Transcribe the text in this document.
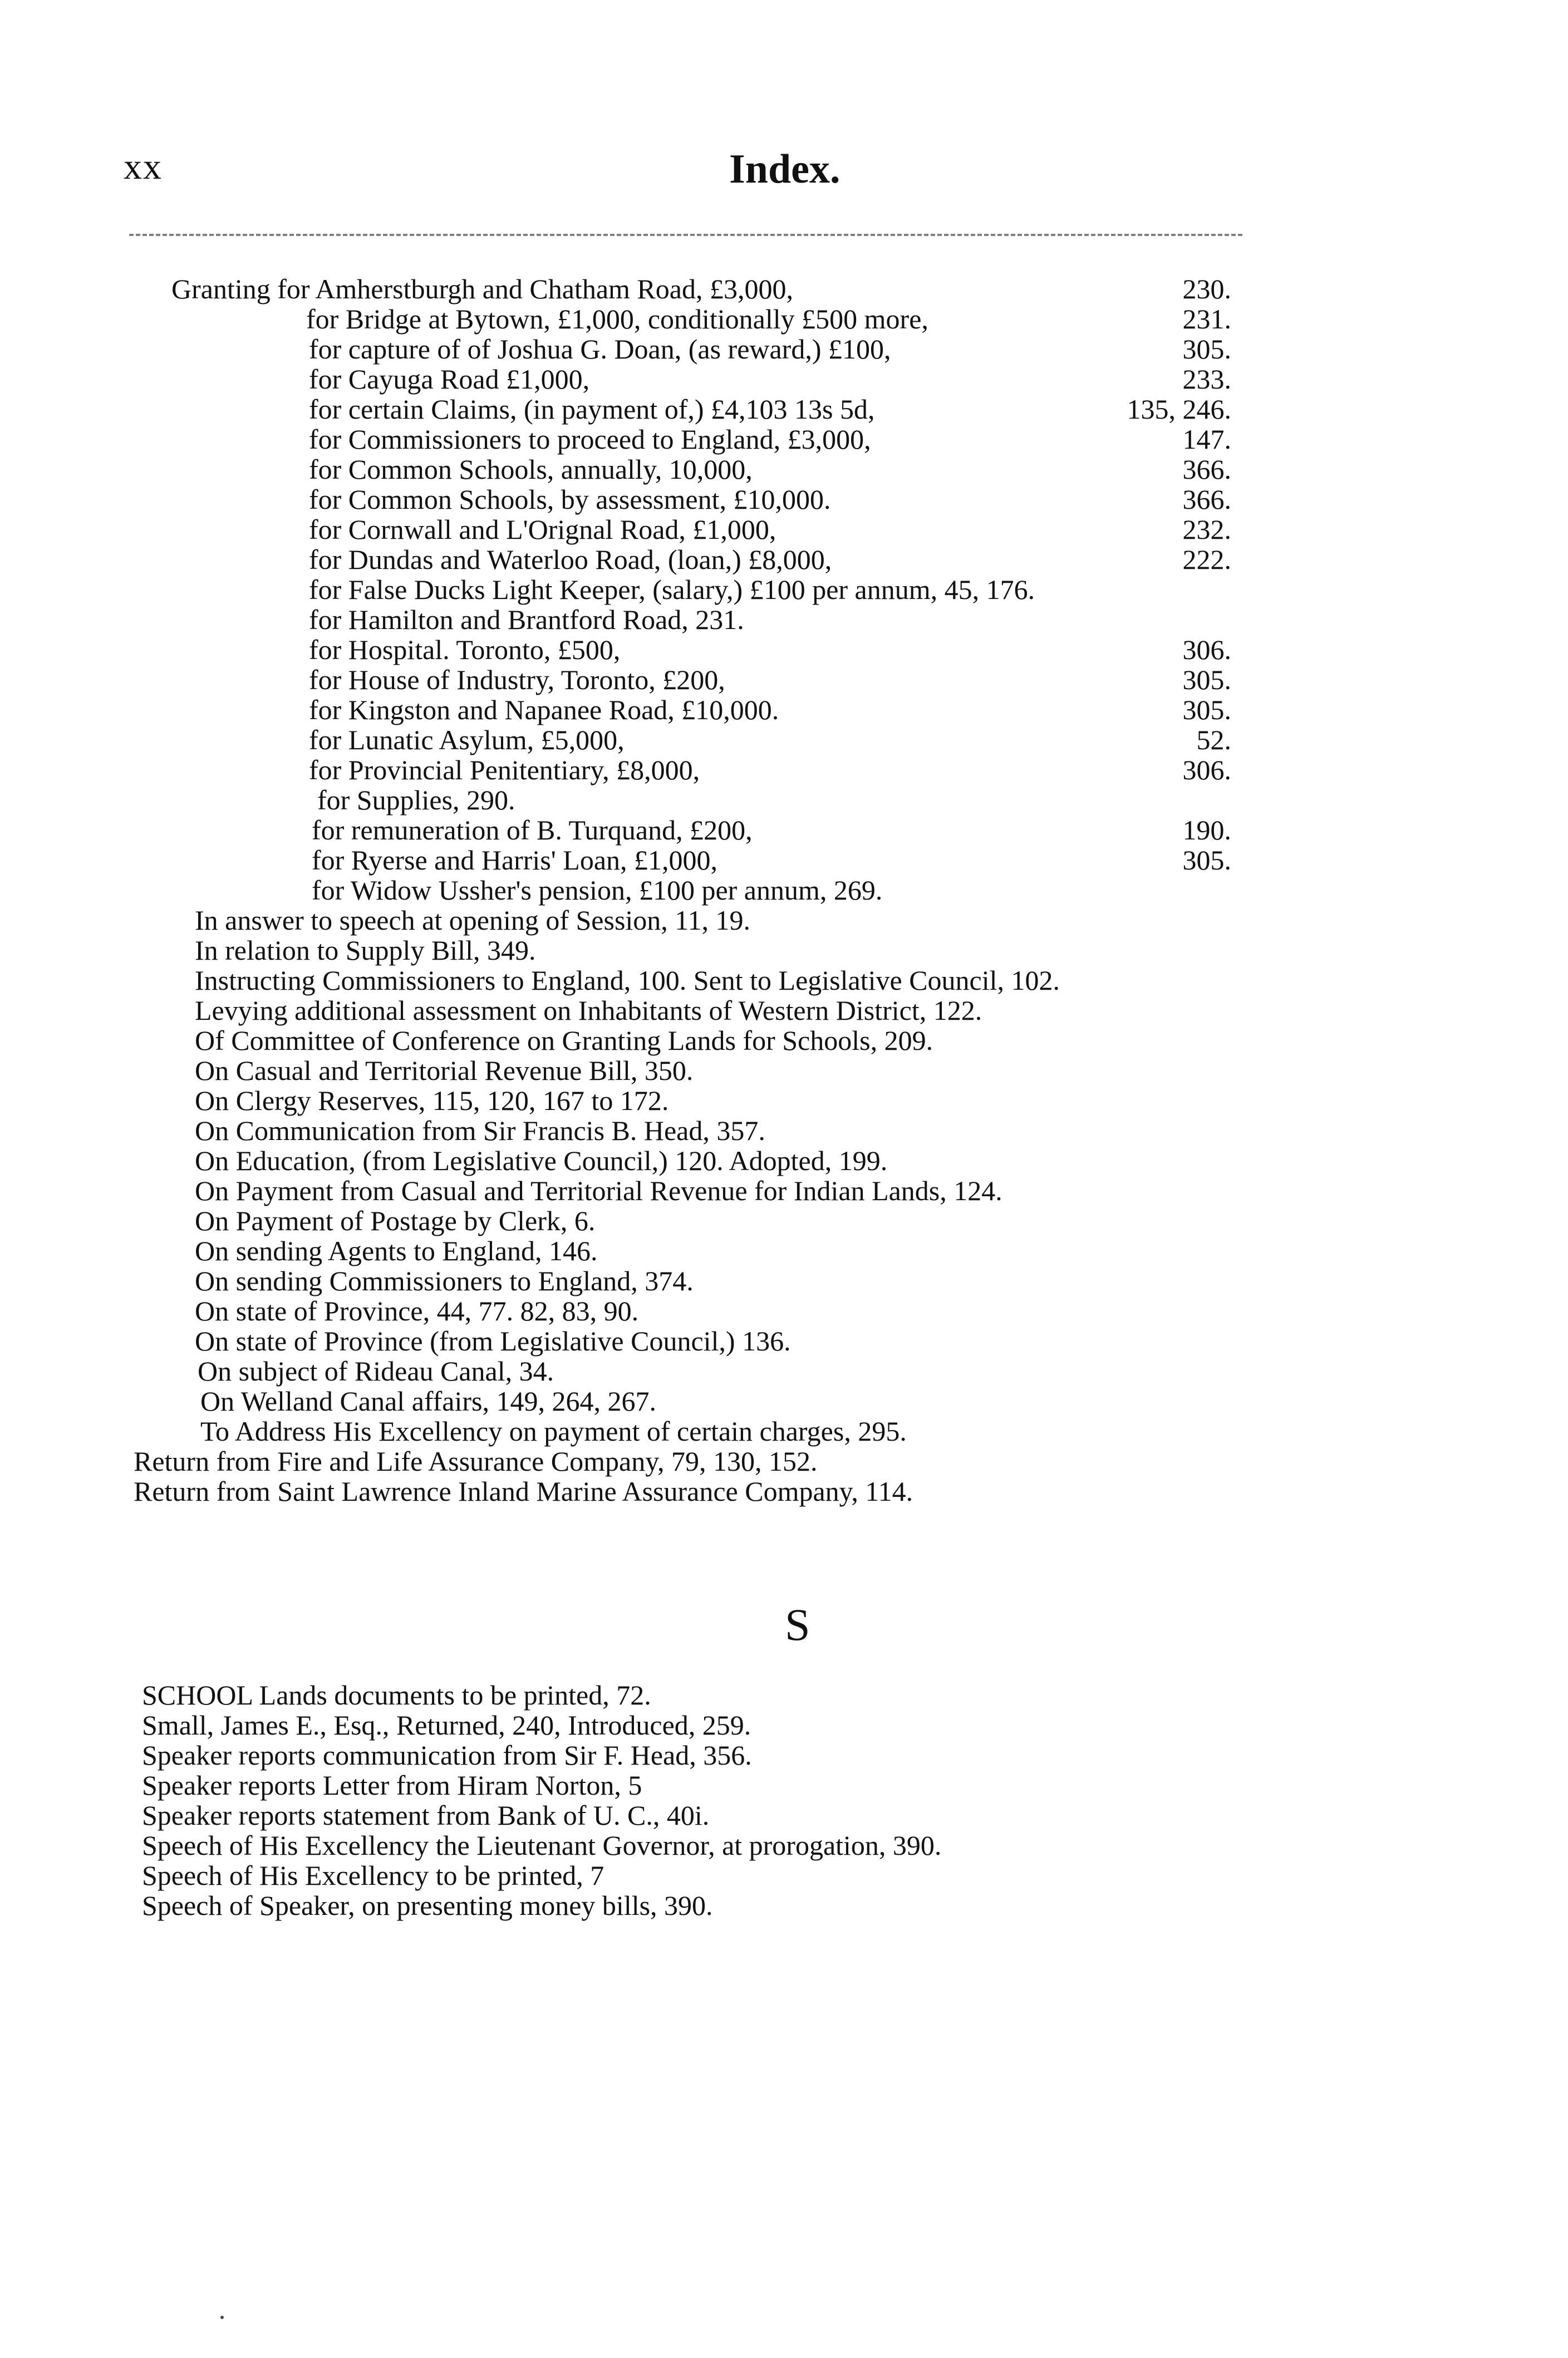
xx	Index.
Granting for Amherstburgh and Chatham Road, £3,000,	230.
for Bridge at Bytown, £1,000, conditionally £500 more,	231.
for capture of of Joshua G. Doan, (as reward,) £100,	305.
for Cayuga Road £1,000,	233.
for certain Claims, (in payment of,) £4,103 13s 5d,	135, 246.
for Commissioners to proceed to England, £3,000,	147.
for Common Schools, annually, 10,000,	366.
for Common Schools, by assessment, £10,000.	366.
for Cornwall and L'Orignal Road, £1,000,	232.
for Dundas and Waterloo Road, (loan,) £8,000,	222.
for False Ducks Light Keeper, (salary,) £100 per annum, 45, 176.
for Hamilton and Brantford Road, 231.
for Hospital. Toronto, £500,	306.
for House of Industry, Toronto, £200,	305.
for Kingston and Napanee Road, £10,000.	305.
for Lunatic Asylum, £5,000,	52.
for Provincial Penitentiary, £8,000,	306.
for Supplies, 290.
for remuneration of B. Turquand, £200,	190.
for Ryerse and Harris' Loan, £1,000,	305.
for Widow Ussher's pension, £100 per annum, 269.
In answer to speech at opening of Session, 11, 19.
In relation to Supply Bill, 349.
Instructing Commissioners to England, 100. Sent to Legislative Council, 102.
Levying additional assessment on Inhabitants of Western District, 122.
Of Committee of Conference on Granting Lands for Schools, 209.
On Casual and Territorial Revenue Bill, 350.
On Clergy Reserves, 115, 120, 167 to 172.
On Communication from Sir Francis B. Head, 357.
On Education, (from Legislative Council,) 120. Adopted, 199.
On Payment from Casual and Territorial Revenue for Indian Lands, 124.
On Payment of Postage by Clerk, 6.
On sending Agents to England, 146.
On sending Commissioners to England, 374.
On state of Province, 44, 77. 82, 83, 90.
On state of Province (from Legislative Council,) 136.
On subject of Rideau Canal, 34.
On Welland Canal affairs, 149, 264, 267.
To Address His Excellency on payment of certain charges, 295.
Return from Fire and Life Assurance Company, 79, 130, 152.
Return from Saint Lawrence Inland Marine Assurance Company, 114.
S
SCHOOL Lands documents to be printed, 72.
Small, James E., Esq., Returned, 240, Introduced, 259.
Speaker reports communication from Sir F. Head, 356.
Speaker reports Letter from Hiram Norton, 5
Speaker reports statement from Bank of U. C., 40i.
Speech of His Excellency the Lieutenant Governor, at prorogation, 390.
Speech of His Excellency to be printed, 7
Speech of Speaker, on presenting money bills, 390.
